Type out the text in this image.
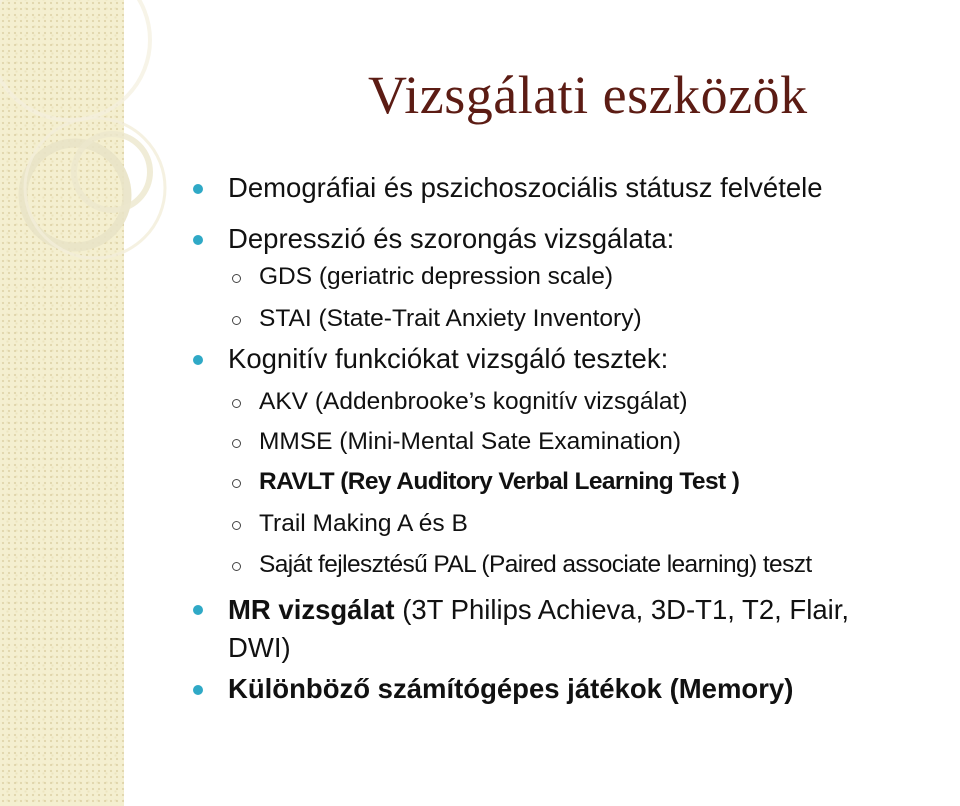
Vizsgálati eszközök
Demográfiai és pszichoszociális státusz felvétele
Depresszió és szorongás vizsgálata:
GDS (geriatric depression scale)
STAI (State-Trait Anxiety Inventory)
Kognitív funkciókat vizsgáló tesztek:
AKV (Addenbrooke’s kognitív vizsgálat)
MMSE (Mini-Mental Sate Examination)
RAVLT (Rey Auditory Verbal Learning Test )
Trail Making A és B
Saját fejlesztésű PAL (Paired associate learning) teszt
MR vizsgálat (3T Philips Achieva, 3D-T1, T2, Flair,
DWI)
Különböző számítógépes játékok (Memory)
